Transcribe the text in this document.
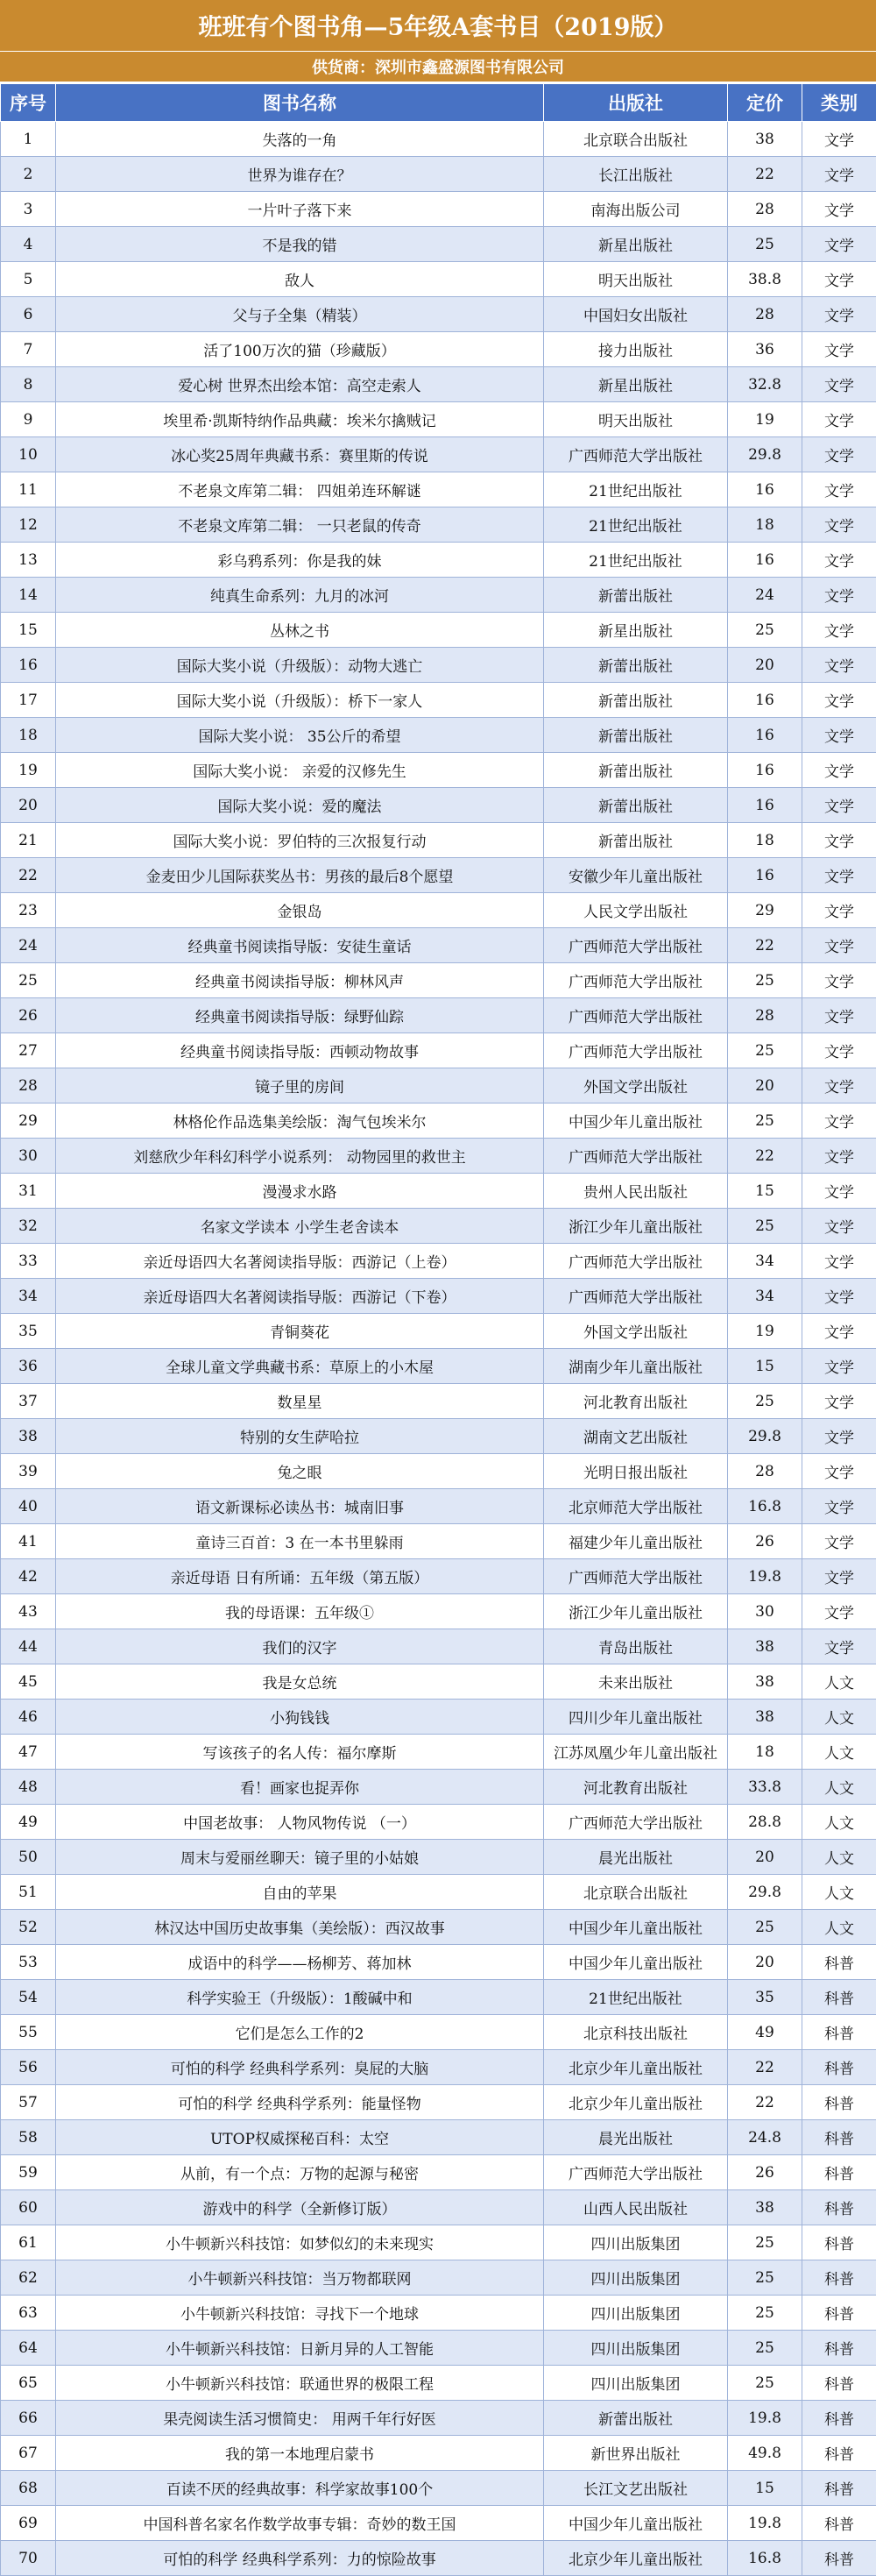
班班有个图书角—5年级A套书目（2019版）
供货商：深圳市鑫盛源图书有限公司
序号	图书名称	出版社	定价	类别
1	失落的一角	北京联合出版社	38	文学
2	世界为谁存在？	长江出版社	22	文学
3	一片叶子落下来	南海出版公司	28	文学
4	不是我的错	新星出版社	25	文学
5	敌人	明天出版社	38.8	文学
6	父与子全集（精装）	中国妇女出版社	28	文学
7	活了100万次的猫（珍藏版）	接力出版社	36	文学
8	爱心树 世界杰出绘本馆：高空走索人	新星出版社	32.8	文学
9	埃里希·凯斯特纳作品典藏：埃米尔擒贼记	明天出版社	19	文学
10	冰心奖25周年典藏书系：赛里斯的传说	广西师范大学出版社	29.8	文学
11	不老泉文库第二辑： 四姐弟连环解谜	21世纪出版社	16	文学
12	不老泉文库第二辑： 一只老鼠的传奇	21世纪出版社	18	文学
13	彩乌鸦系列：你是我的妹	21世纪出版社	16	文学
14	纯真生命系列：九月的冰河	新蕾出版社	24	文学
15	丛林之书	新星出版社	25	文学
16	国际大奖小说（升级版）：动物大逃亡	新蕾出版社	20	文学
17	国际大奖小说（升级版）：桥下一家人	新蕾出版社	16	文学
18	国际大奖小说： 35公斤的希望	新蕾出版社	16	文学
19	国际大奖小说： 亲爱的汉修先生	新蕾出版社	16	文学
20	国际大奖小说：爱的魔法	新蕾出版社	16	文学
21	国际大奖小说：罗伯特的三次报复行动	新蕾出版社	18	文学
22	金麦田少儿国际获奖丛书：男孩的最后8个愿望	安徽少年儿童出版社	16	文学
23	金银岛	人民文学出版社	29	文学
24	经典童书阅读指导版：安徒生童话	广西师范大学出版社	22	文学
25	经典童书阅读指导版：柳林风声	广西师范大学出版社	25	文学
26	经典童书阅读指导版：绿野仙踪	广西师范大学出版社	28	文学
27	经典童书阅读指导版：西顿动物故事	广西师范大学出版社	25	文学
28	镜子里的房间	外国文学出版社	20	文学
29	林格伦作品选集美绘版：淘气包埃米尔	中国少年儿童出版社	25	文学
30	刘慈欣少年科幻科学小说系列： 动物园里的救世主	广西师范大学出版社	22	文学
31	漫漫求水路	贵州人民出版社	15	文学
32	名家文学读本 小学生老舍读本	浙江少年儿童出版社	25	文学
33	亲近母语四大名著阅读指导版：西游记（上卷）	广西师范大学出版社	34	文学
34	亲近母语四大名著阅读指导版：西游记（下卷）	广西师范大学出版社	34	文学
35	青铜葵花	外国文学出版社	19	文学
36	全球儿童文学典藏书系：草原上的小木屋	湖南少年儿童出版社	15	文学
37	数星星	河北教育出版社	25	文学
38	特别的女生萨哈拉	湖南文艺出版社	29.8	文学
39	兔之眼	光明日报出版社	28	文学
40	语文新课标必读丛书：城南旧事	北京师范大学出版社	16.8	文学
41	童诗三百首：3 在一本书里躲雨	福建少年儿童出版社	26	文学
42	亲近母语 日有所诵：五年级（第五版）	广西师范大学出版社	19.8	文学
43	我的母语课：五年级①	浙江少年儿童出版社	30	文学
44	我们的汉字	青岛出版社	38	文学
45	我是女总统	未来出版社	38	人文
46	小狗钱钱	四川少年儿童出版社	38	人文
47	写该孩子的名人传：福尔摩斯	江苏凤凰少年儿童出版社	18	人文
48	看！画家也捉弄你	河北教育出版社	33.8	人文
49	中国老故事： 人物风物传说 （一）	广西师范大学出版社	28.8	人文
50	周末与爱丽丝聊天：镜子里的小姑娘	晨光出版社	20	人文
51	自由的苹果	北京联合出版社	29.8	人文
52	林汉达中国历史故事集（美绘版）：西汉故事	中国少年儿童出版社	25	人文
53	成语中的科学——杨柳芳、蒋加林	中国少年儿童出版社	20	科普
54	科学实验王（升级版）：1酸碱中和	21世纪出版社	35	科普
55	它们是怎么工作的2	北京科技出版社	49	科普
56	可怕的科学 经典科学系列：臭屁的大脑	北京少年儿童出版社	22	科普
57	可怕的科学 经典科学系列：能量怪物	北京少年儿童出版社	22	科普
58	UTOP权威探秘百科：太空	晨光出版社	24.8	科普
59	从前，有一个点：万物的起源与秘密	广西师范大学出版社	26	科普
60	游戏中的科学（全新修订版）	山西人民出版社	38	科普
61	小牛顿新兴科技馆：如梦似幻的未来现实	四川出版集团	25	科普
62	小牛顿新兴科技馆：当万物都联网	四川出版集团	25	科普
63	小牛顿新兴科技馆：寻找下一个地球	四川出版集团	25	科普
64	小牛顿新兴科技馆：日新月异的人工智能	四川出版集团	25	科普
65	小牛顿新兴科技馆：联通世界的极限工程	四川出版集团	25	科普
66	果壳阅读生活习惯简史： 用两千年行好医	新蕾出版社	19.8	科普
67	我的第一本地理启蒙书	新世界出版社	49.8	科普
68	百读不厌的经典故事：科学家故事100个	长江文艺出版社	15	科普
69	中国科普名家名作数学故事专辑：奇妙的数王国	中国少年儿童出版社	19.8	科普
70	可怕的科学 经典科学系列：力的惊险故事	北京少年儿童出版社	16.8	科普
